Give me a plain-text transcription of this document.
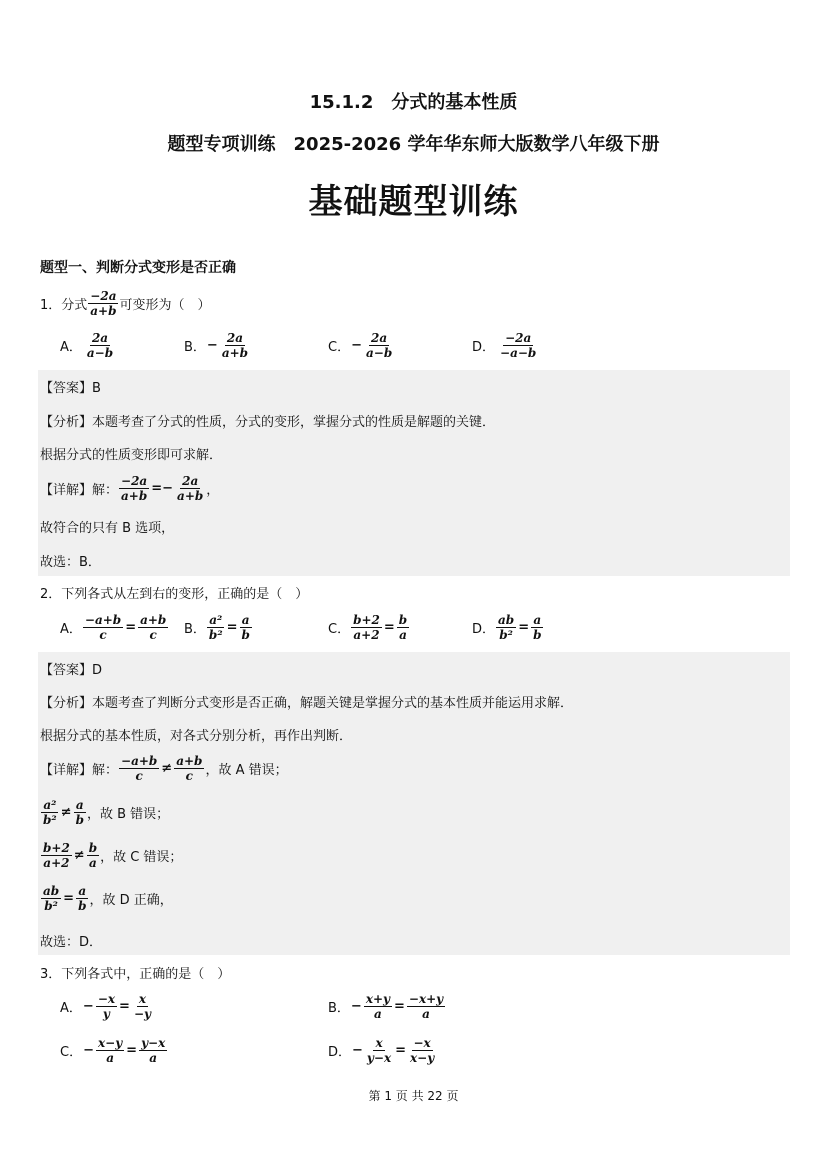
15.1.2　分式的基本性质
题型专项训练　2025-2026 学年华东师大版数学八年级下册
基础题型训练
题型一、判断分式变形是否正确
1．分式 $\frac{-2a}{a+b}$ 可变形为（　）
A． $\frac{2a}{a-b}$	B． − $\frac{2a}{a+b}$	C． − $\frac{2a}{a-b}$	D． $\frac{-2a}{-a-b}$
【答案】B
【分析】本题考查了分式的性质，分式的变形，掌握分式的性质是解题的关键．
根据分式的性质变形即可求解．
【详解】解： $\frac{-2a}{a+b} =- \frac{2a}{a+b}$ ，
故符合的只有 B 选项，
故选：B．
2．下列各式从左到右的变形，正确的是（　）
A． $\frac{-a+b}{c} = \frac{a+b}{c}$ B． $\frac{\text{a²}}{\text{b²}} = \frac{a}{b}$	C． $\frac{b+2}{a+2} = \frac{b}{a}$	D． $\frac{ab}{\text{b²}} = \frac{a}{b}$
【答案】D
【分析】本题考查了判断分式变形是否正确，解题关键是掌握分式的基本性质并能运用求解．
根据分式的基本性质，对各式分别分析，再作出判断．
【详解】解： $\frac{-a+b}{c} \ne \frac{a+b}{c}$ ，故 A 错误；
$\frac{\text{a²}}{\text{b²}} \ne \frac{a}{b}$ ，故 B 错误；
$\frac{b+2}{a+2} \ne \frac{b}{a}$ ，故 C 错误；
$\frac{ab}{\text{b²}} = \frac{a}{b}$ ，故 D 正确，
故选：D．
3．下列各式中，正确的是（　）
A． − $\frac{-x}{y} = \frac{x}{-y}$	B． − $\frac{x+y}{a} = \frac{-x+y}{a}$
C． − $\frac{x-y}{a} = \frac{y-x}{a}$	D． − $\frac{x}{y-x} = \frac{-x}{x-y}$
第 1 页 共 22 页
